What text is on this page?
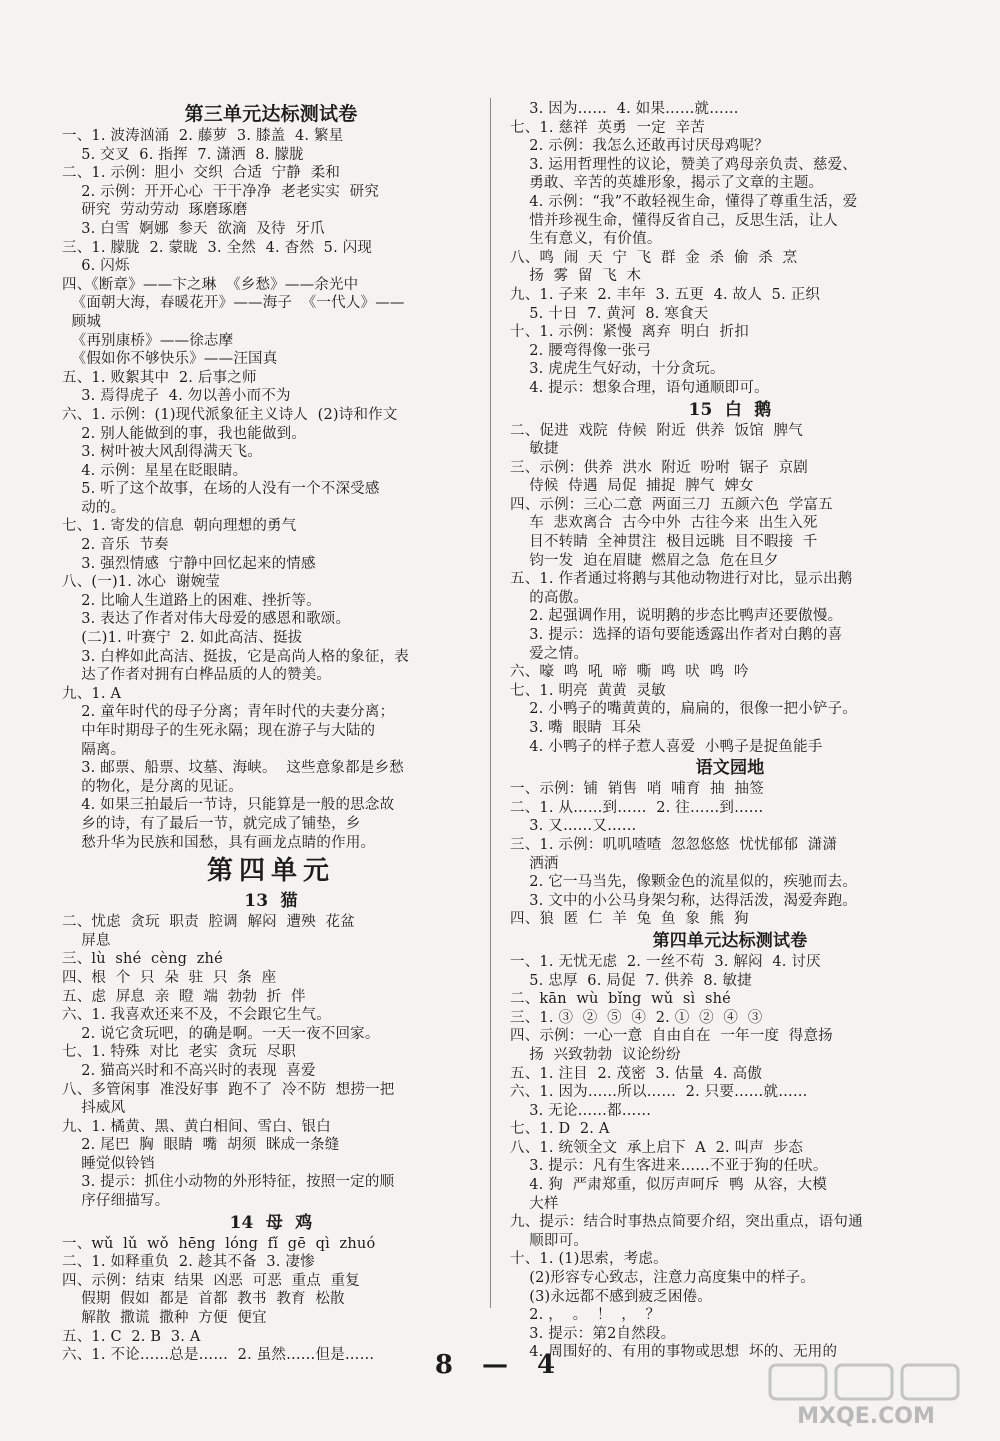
第三单元达标测试卷
一、1. 波涛汹涌  2. 藤萝  3. 膝盖  4. 繁星
5. 交叉  6. 指挥  7. 潇洒  8. 朦胧
二、1. 示例：胆小  交织  合适  宁静  柔和
2. 示例：开开心心  干干净净  老老实实  研究
研究  劳动劳动  琢磨琢磨
3. 白雪  婀娜  参天  欲滴  及待  牙爪
三、1. 朦胧  2. 蒙眬  3. 全然  4. 杳然  5. 闪现
6. 闪烁
四、《断章》——卞之琳  《乡愁》——余光中
《面朝大海，春暖花开》——海子  《一代人》——
顾城
《再别康桥》——徐志摩
《假如你不够快乐》——汪国真
五、1. 败絮其中  2. 后事之师
3. 焉得虎子  4. 勿以善小而不为
六、1. 示例：(1)现代派象征主义诗人  (2)诗和作文
2. 别人能做到的事，我也能做到。
3. 树叶被大风刮得满天飞。
4. 示例：星星在眨眼睛。
5. 听了这个故事，在场的人没有一个不深受感
动的。
七、1. 寄发的信息  朝向理想的勇气
2. 音乐  节奏
3. 强烈情感  宁静中回忆起来的情感
八、(一)1. 冰心  谢婉莹
2. 比喻人生道路上的困难、挫折等。
3. 表达了作者对伟大母爱的感恩和歌颂。
(二)1. 叶赛宁  2. 如此高洁、挺拔
3. 白桦如此高洁、挺拔，它是高尚人格的象征，表
达了作者对拥有白桦品质的人的赞美。
九、1. A
2. 童年时代的母子分离；青年时代的夫妻分离；
中年时期母子的生死永隔；现在游子与大陆的
隔离。
3. 邮票、船票、坟墓、海峡。  这些意象都是乡愁
的物化，是分离的见证。
4. 如果三拍最后一节诗，只能算是一般的思念故
乡的诗，有了最后一节，就完成了铺垫，乡
愁升华为民族和国愁，具有画龙点睛的作用。
第四单元
13  猫
二、忧虑  贪玩  职责  腔调  解闷  遭殃  花盆
屏息
三、lù  shé  cèng  zhé
四、根  个  只  朵  驻  只  条  座
五、虑  屏息  亲  瞪  端  勃勃  折  伴
六、1. 我喜欢还来不及，不会跟它生气。
2. 说它贪玩吧，的确是啊。一天一夜不回家。
七、1. 特殊  对比  老实  贪玩  尽职
2. 猫高兴时和不高兴时的表现  喜爱
八、多管闲事  准没好事  跑不了  冷不防  想捞一把
抖威风
九、1. 橘黄、黑、黄白相间、雪白、银白
2. 尾巴  胸  眼睛  嘴  胡须  眯成一条缝
睡觉似铃铛
3. 提示：抓住小动物的外形特征，按照一定的顺
序仔细描写。
14  母  鸡
一、wǔ  lǔ  wǒ  hēng  lóng  fǐ  gē  qì  zhuó
二、1. 如释重负  2. 趁其不备  3. 凄惨
四、示例：结束  结果  凶恶  可恶  重点  重复
假期  假如  都是  首都  教书  教育  松散
解散  撒谎  撒种  方便  便宜
五、1. C  2. B  3. A
六、1. 不论……总是……  2. 虽然……但是……
3. 因为……  4. 如果……就……
七、1. 慈祥  英勇  一定  辛苦
2. 示例：我怎么还敢再讨厌母鸡呢？
3. 运用哲理性的议论，赞美了鸡母亲负责、慈爱、
勇敢、辛苦的英雄形象，揭示了文章的主题。
4. 示例：“我”不敢轻视生命，懂得了尊重生活，爱
惜并珍视生命，懂得反省自己，反思生活，让人
生有意义，有价值。
八、鸣  闹  天  宁  飞  群  金  杀  偷  杀  烹
扬  雾  留  飞  木
九、1. 子来  2. 丰年  3. 五更  4. 故人  5. 正织
5. 十日  7. 黄河  8. 寒食天
十、1. 示例：紧慢  离弃  明白  折扣
2. 腰弯得像一张弓
3. 虎虎生气好动，十分贪玩。
4. 提示：想象合理，语句通顺即可。
15  白  鹅
二、促进  戏院  侍候  附近  供养  饭馆  脾气
敏捷
三、示例：供养  洪水  附近  吩咐  锯子  京剧
侍候  侍遇  局促  捕捉  脾气  婢女
四、示例：三心二意  两面三刀  五颜六色  学富五
车  悲欢离合  古今中外  古往今来  出生入死
目不转睛  全神贯注  极目远眺  目不暇接  千
钧一发  迫在眉睫  燃眉之急  危在旦夕
五、1. 作者通过将鹅与其他动物进行对比，显示出鹅
的高傲。
2. 起强调作用，说明鹅的步态比鸭声还要傲慢。
3. 提示：选择的语句要能透露出作者对白鹅的喜
爱之情。
六、嚎  鸣  吼  啼  嘶  鸣  吠  鸣  吟
七、1. 明亮  黄黄  灵敏
2. 小鸭子的嘴黄黄的，扁扁的，很像一把小铲子。
3. 嘴  眼睛  耳朵
4. 小鸭子的样子惹人喜爱  小鸭子是捉鱼能手
语文园地
一、示例：铺  销售  哨  哺育  抽  抽签
二、1. 从……到……  2. 往……到……
3. 又……又……
三、1. 示例：叽叽喳喳  忽忽悠悠  忧忧郁郁  潇潇
洒洒
2. 它一马当先，像颗金色的流星似的，疾驰而去。
3. 文中的小公马身架匀称，达得活泼，渴爱奔跑。
四、狼  匿  仁  羊  兔  鱼  象  熊  狗
第四单元达标测试卷
一、1. 无忧无虑  2. 一丝不苟  3. 解闷  4. 讨厌
5. 忠厚  6. 局促  7. 供养  8. 敏捷
二、kān  wù  bǐng  wǔ  sì  shé
三、1. ③  ②  ⑤  ④  2. ①  ②  ④  ③
四、示例：一心一意  自由自在  一年一度  得意扬
扬  兴致勃勃  议论纷纷
五、1. 注目  2. 茂密  3. 估量  4. 高傲
六、1. 因为……所以……  2. 只要……就……
3. 无论……都……
七、1. D  2. A
八、1. 统领全文  承上启下  A  2. 叫声  步态
3. 提示：凡有生客进来……不亚于狗的任吠。
4. 狗  严肃郑重，似厉声呵斥  鸭  从容，大模
大样
九、提示：结合时事热点简要介绍，突出重点，语句通
顺即可。
十、1. (1)思索，考虑。
(2)形容专心致志，注意力高度集中的样子。
(3)永远都不感到疲乏困倦。
2. ，  。  ！  ，  ？
3. 提示：第2自然段。
4. 周围好的、有用的事物或思想  坏的、无用的
8 — 4
MXQE.COM
